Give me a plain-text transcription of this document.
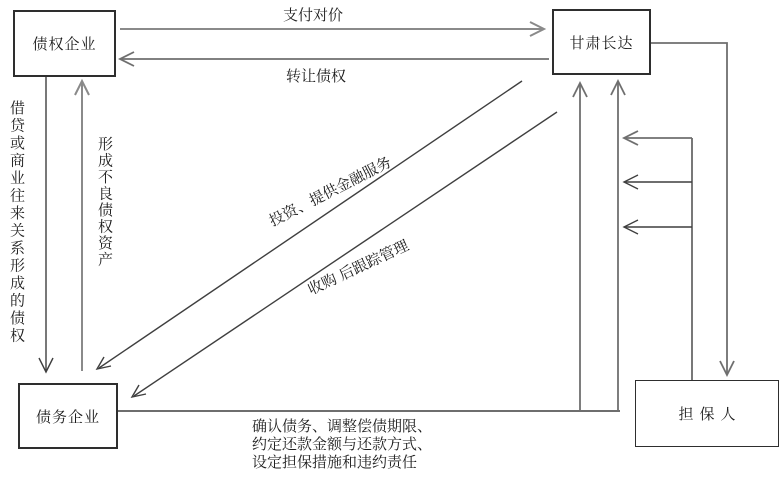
债权企业	甘肃长达
债务企业	担保人
支付对价
转让债权
借贷或商业往来关系形成的债权	形成不良债权资产	投资、提供金融服务
收购 后跟踪管理
确认债务、调整偿债期限、
约定还款金额与还款方式、
设定担保措施和违约责任
